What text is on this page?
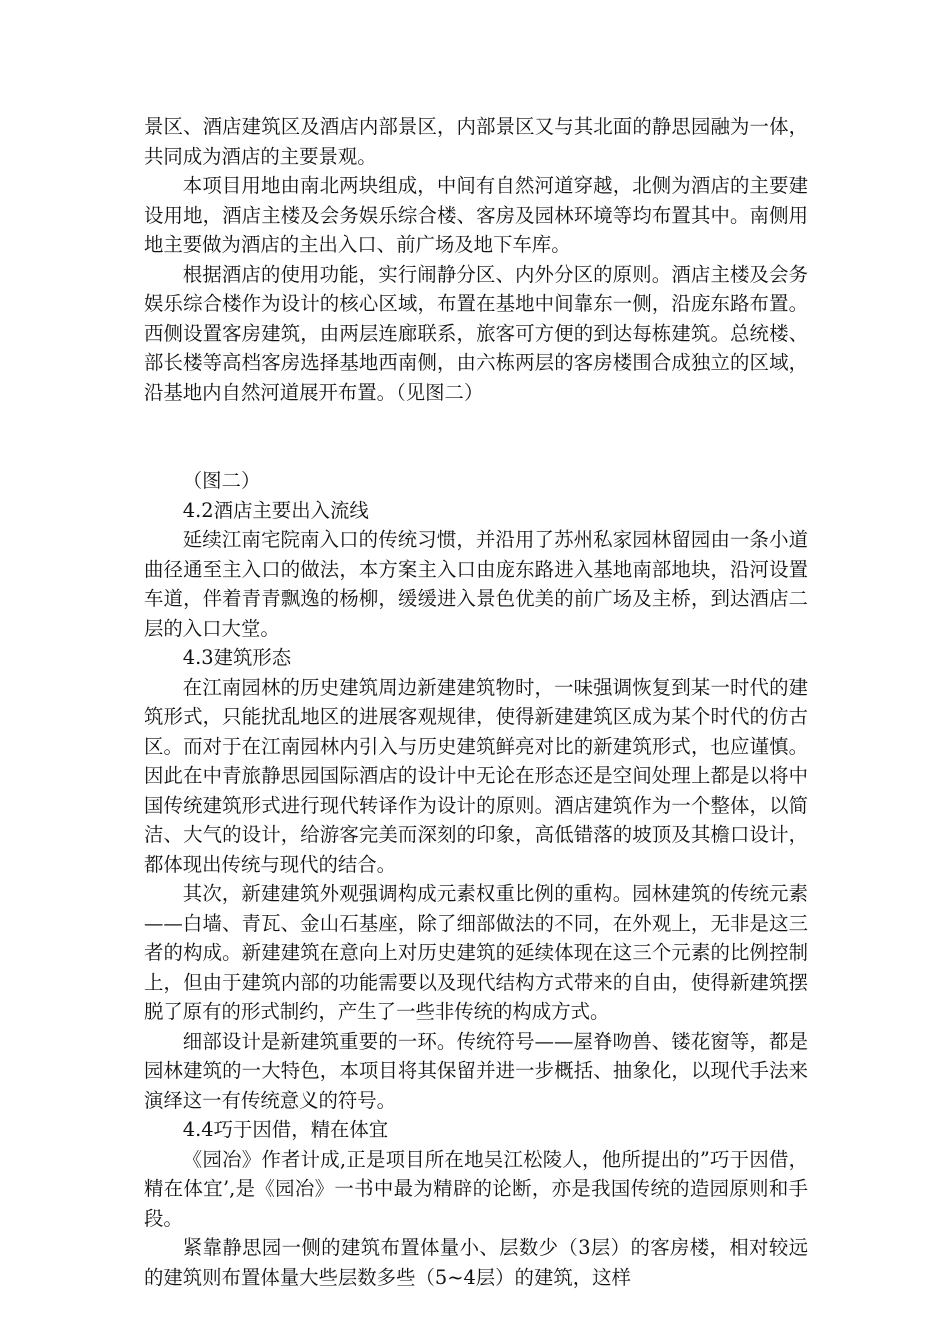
景区、酒店建筑区及酒店内部景区，内部景区又与其北面的静思园融为一体，共同成为酒店的主要景观。

本项目用地由南北两块组成，中间有自然河道穿越，北侧为酒店的主要建设用地，酒店主楼及会务娱乐综合楼、客房及园林环境等均布置其中。南侧用地主要做为酒店的主出入口、前广场及地下车库。

根据酒店的使用功能，实行闹静分区、内外分区的原则。酒店主楼及会务娱乐综合楼作为设计的核心区域，布置在基地中间靠东一侧，沿庞东路布置。西侧设置客房建筑，由两层连廊联系，旅客可方便的到达每栋建筑。总统楼、部长楼等高档客房选择基地西南侧，由六栋两层的客房楼围合成独立的区域，沿基地内自然河道展开布置。（见图二）

（图二）

4.2酒店主要出入流线

延续江南宅院南入口的传统习惯，并沿用了苏州私家园林留园由一条小道曲径通至主入口的做法，本方案主入口由庞东路进入基地南部地块，沿河设置车道，伴着青青飘逸的杨柳，缓缓进入景色优美的前广场及主桥，到达酒店二层的入口大堂。

4.3建筑形态

在江南园林的历史建筑周边新建建筑物时，一味强调恢复到某一时代的建筑形式，只能扰乱地区的进展客观规律，使得新建建筑区成为某个时代的仿古区。而对于在江南园林内引入与历史建筑鲜亮对比的新建筑形式，也应谨慎。因此在中青旅静思园国际酒店的设计中无论在形态还是空间处理上都是以将中国传统建筑形式进行现代转译作为设计的原则。酒店建筑作为一个整体，以简洁、大气的设计，给游客完美而深刻的印象，高低错落的坡顶及其檐口设计，都体现出传统与现代的结合。

其次，新建建筑外观强调构成元素权重比例的重构。园林建筑的传统元素——白墙、青瓦、金山石基座，除了细部做法的不同，在外观上，无非是这三者的构成。新建建筑在意向上对历史建筑的延续体现在这三个元素的比例控制上，但由于建筑内部的功能需要以及现代结构方式带来的自由，使得新建筑摆脱了原有的形式制约，产生了一些非传统的构成方式。

细部设计是新建筑重要的一环。传统符号——屋脊吻兽、镂花窗等，都是园林建筑的一大特色，本项目将其保留并进一步概括、抽象化，以现代手法来演绎这一有传统意义的符号。

4.4巧于因借，精在体宜

《园冶》作者计成,正是项目所在地吴江松陵人，他所提出的”巧于因借，精在体宜’,是《园冶》一书中最为精辟的论断，亦是我国传统的造园原则和手段。

紧靠静思园一侧的建筑布置体量小、层数少（3层）的客房楼，相对较远的建筑则布置体量大些层数多些（5~4层）的建筑，这样
